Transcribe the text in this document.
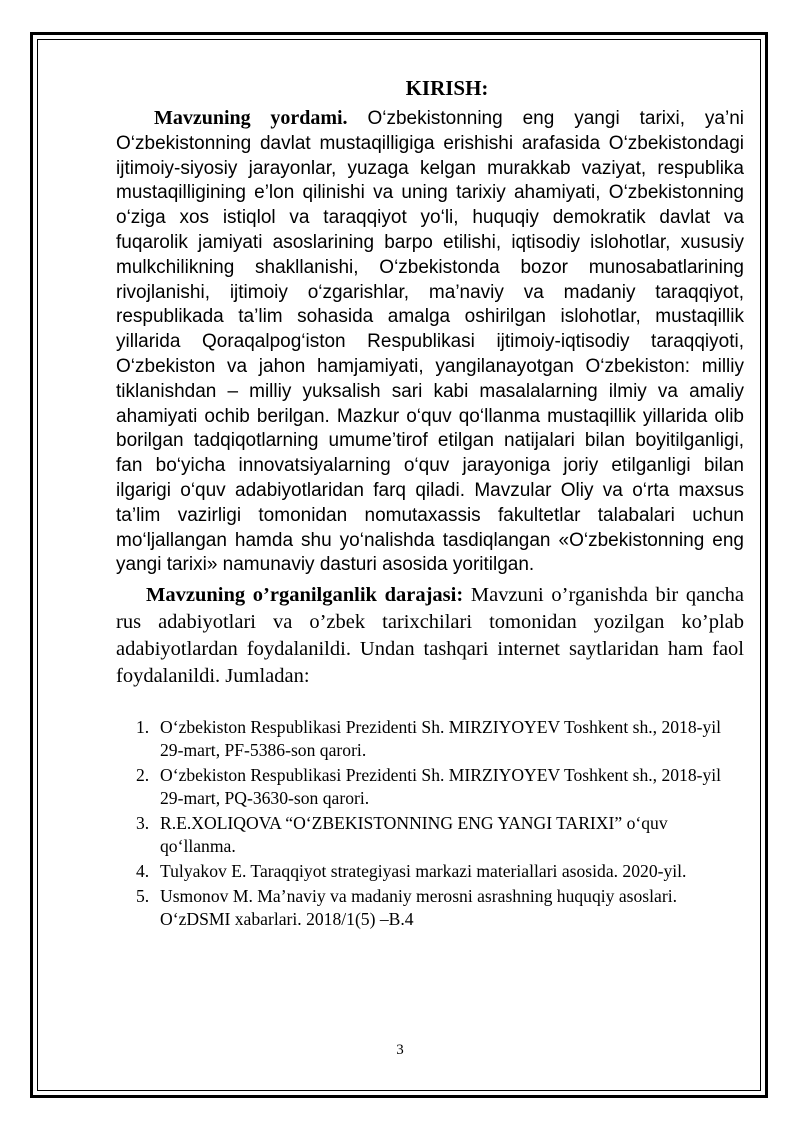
KIRISH:

Mavzuning yordami. O‘zbekistonning eng yangi tarixi, ya’ni O‘zbekistonning davlat mustaqilligiga erishishi arafasida O‘zbekistondagi ijtimoiy-siyosiy jarayonlar, yuzaga kelgan murakkab vaziyat, respublika mustaqilligining e’lon qilinishi va uning tarixiy ahamiyati, O‘zbekistonning o‘ziga xos istiqlol va taraqqiyot yo‘li, huquqiy demokratik davlat va fuqarolik jamiyati asoslarining barpo etilishi, iqtisodiy islohotlar, xususiy mulkchilikning shakllanishi, O‘zbekistonda bozor munosabatlarining rivojlanishi, ijtimoiy o‘zgarishlar, ma’naviy va madaniy taraqqiyot, respublikada ta’lim sohasida amalga oshirilgan islohotlar, mustaqillik yillarida Qoraqalpog‘iston Respublikasi ijtimoiy-iqtisodiy taraqqiyoti, O‘zbekiston va jahon hamjamiyati, yangilanayotgan O‘zbekiston: milliy tiklanishdan – milliy yuksalish sari kabi masalalarning ilmiy va amaliy ahamiyati ochib berilgan. Mazkur o‘quv qo‘llanma mustaqillik yillarida olib borilgan tadqiqotlarning umume’tirof etilgan natijalari bilan boyitilganligi, fan bo‘yicha innovatsiyalarning o‘quv jarayoniga joriy etilganligi bilan ilgarigi o‘quv adabiyotlaridan farq qiladi. Mavzular Oliy va o‘rta maxsus ta’lim vazirligi tomonidan nomutaxassis fakultetlar talabalari uchun mo‘ljallangan hamda shu yo‘nalishda tasdiqlangan «O‘zbekistonning eng yangi tarixi» namunaviy dasturi asosida yoritilgan.

Mavzuning o’rganilganlik darajasi: Mavzuni o’rganishda bir qancha rus adabiyotlari va o’zbek tarixchilari tomonidan yozilgan ko’plab adabiyotlardan foydalanildi. Undan tashqari internet saytlaridan ham faol foydalanildi. Jumladan:

1. O‘zbekiston Respublikasi Prezidenti Sh. MIRZIYOYEV Toshkent sh., 2018-yil 29-mart, PF-5386-son qarori.
2. O‘zbekiston Respublikasi Prezidenti Sh. MIRZIYOYEV Toshkent sh., 2018-yil 29-mart, PQ-3630-son qarori.
3. R.E.XOLIQOVA “O‘ZBEKISTONNING ENG YANGI TARIXI” o‘quv qo‘llanma.
4. Tulyakov E. Taraqqiyot strategiyasi markazi materiallari asosida. 2020-yil.
5. Usmonov M. Ma’naviy va madaniy merosni asrashning huquqiy asoslari. O‘zDSMI xabarlari. 2018/1(5) –B.4
3
